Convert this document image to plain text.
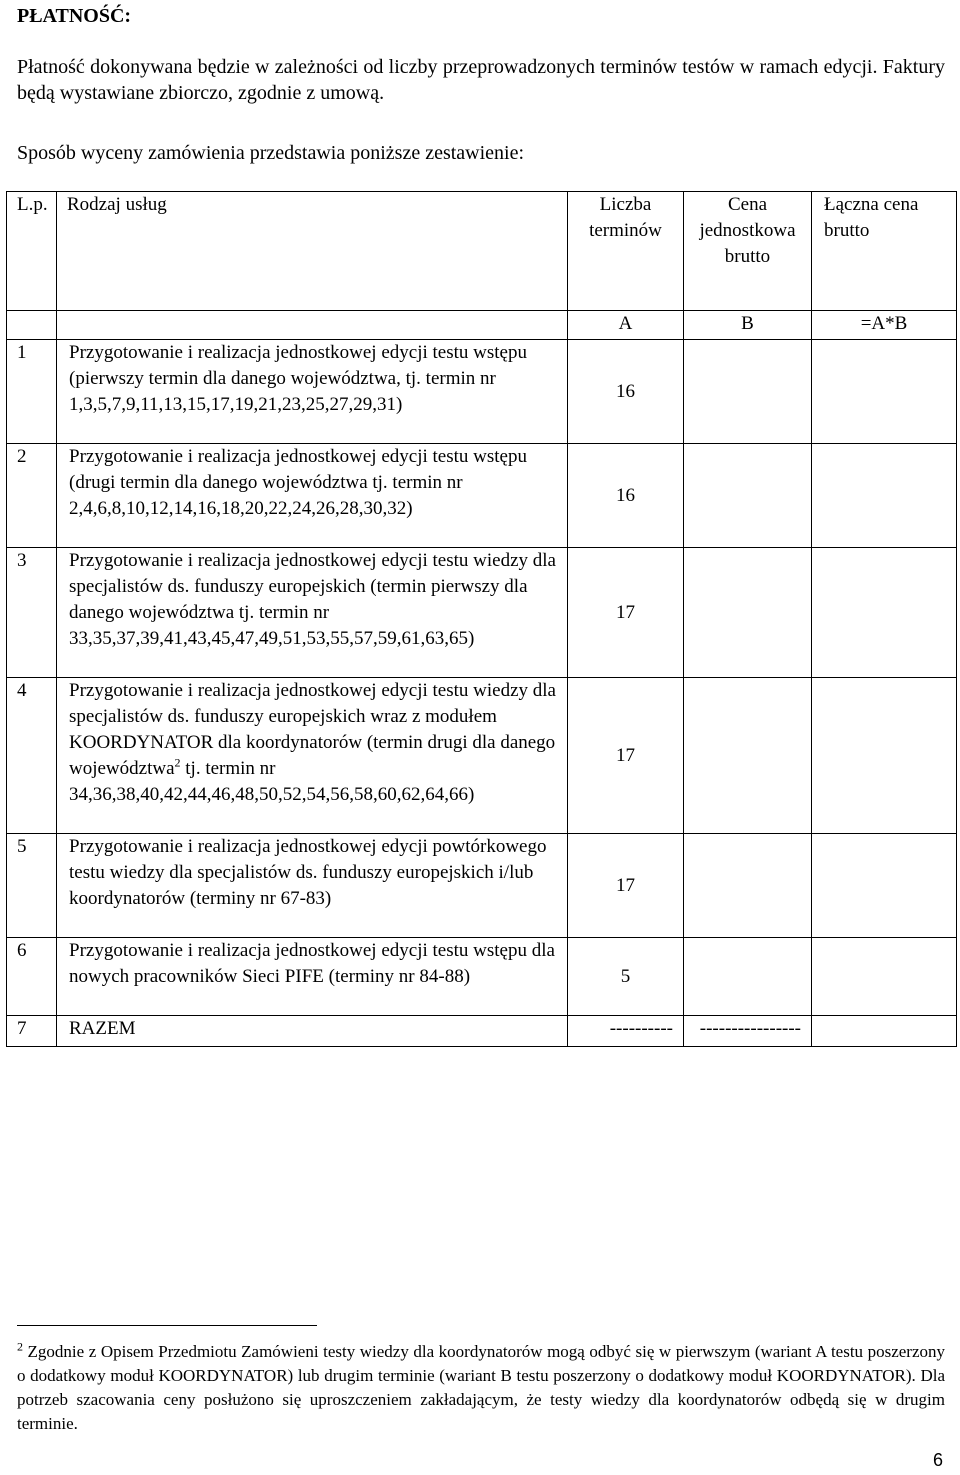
PŁATNOŚĆ:

Płatność dokonywana będzie w zależności od liczby przeprowadzonych terminów testów w ramach edycji. Faktury będą wystawiane zbiorczo, zgodnie z umową.

Sposób wyceny zamówienia przedstawia poniższe zestawienie:

L.p.	Rodzaj usług	Liczba terminów	Cena jednostkowa brutto	Łączna cena brutto
		A	B	=A*B
1	Przygotowanie i realizacja jednostkowej edycji testu wstępu (pierwszy termin dla danego województwa, tj. termin nr 1,3,5,7,9,11,13,15,17,19,21,23,25,27,29,31)	16		
2	Przygotowanie i realizacja jednostkowej edycji testu wstępu (drugi termin dla danego województwa tj. termin nr 2,4,6,8,10,12,14,16,18,20,22,24,26,28,30,32)	16		
3	Przygotowanie i realizacja jednostkowej edycji testu wiedzy dla specjalistów ds. funduszy europejskich (termin pierwszy dla danego województwa tj. termin nr 33,35,37,39,41,43,45,47,49,51,53,55,57,59,61,63,65)	17		
4	Przygotowanie i realizacja jednostkowej edycji testu wiedzy dla specjalistów ds. funduszy europejskich wraz z modułem KOORDYNATOR dla koordynatorów (termin drugi dla danego województwa$^2$ tj. termin nr 34,36,38,40,42,44,46,48,50,52,54,56,58,60,62,64,66)	17		
5	Przygotowanie i realizacja jednostkowej edycji powtórkowego testu wiedzy dla specjalistów ds. funduszy europejskich i/lub koordynatorów (terminy nr 67-83)	17		
6	Przygotowanie i realizacja jednostkowej edycji testu wstępu dla nowych pracowników Sieci PIFE (terminy nr 84-88)	5		
7	RAZEM	----------	----------------	

$^2$ Zgodnie z Opisem Przedmiotu Zamówieni testy wiedzy dla koordynatorów mogą odbyć się w pierwszym (wariant A testu poszerzony o dodatkowy moduł KOORDYNATOR) lub drugim terminie (wariant B testu poszerzony o dodatkowy moduł KOORDYNATOR). Dla potrzeb szacowania ceny posłużono się uproszczeniem zakładającym, że testy wiedzy dla koordynatorów odbędą się w drugim terminie.

6
